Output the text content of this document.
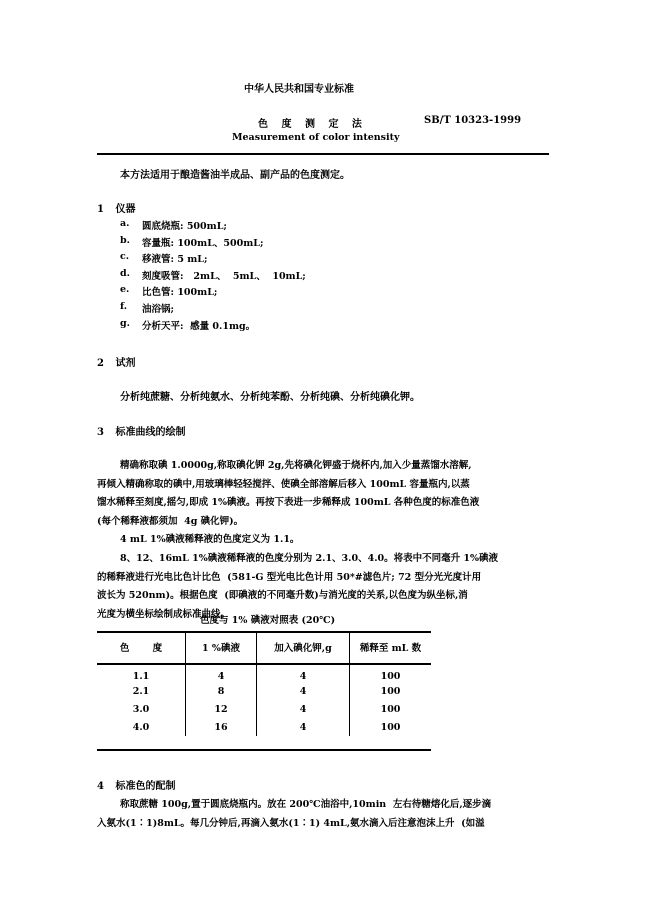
中华人民共和国专业标准
色 度 测 定 法	SB/T 10323-1999
Measurement of color intensity
本方法适用于酿造酱油半成品、副产品的色度测定。
1 仪器
a. 圆底烧瓶: 500mL;
b. 容量瓶: 100mL、500mL;
c. 移液管: 5 mL;
d. 刻度吸管:   2mL、  5mL、  10mL;
e. 比色管: 100mL;
f. 油浴锅;
g. 分析天平:  感量 0.1mg。
2 试剂
分析纯蔗糖、分析纯氨水、分析纯苯酚、分析纯碘、分析纯碘化钾。
3 标准曲线的绘制
精确称取碘 1.0000g,称取碘化钾 2g,先将碘化钾盛于烧杯内,加入少量蒸馏水溶解,
再倾入精确称取的碘中,用玻璃棒轻轻搅拌、使碘全部溶解后移入 100mL 容量瓶内,以蒸
馏水稀释至刻度,摇匀,即成 1%碘液。再按下表进一步稀释成 100mL 各种色度的标准色液
(每个稀释液都须加  4g 碘化钾)。
4 mL 1%碘液稀释液的色度定义为 1.1。
8、12、16mL 1%碘液稀释液的色度分别为 2.1、3.0、4.0。将表中不同毫升 1%碘液
的稀释液进行光电比色计比色  (581-G 型光电比色计用 50*#滤色片; 72 型分光光度计用
波长为 520nm)。根据色度  (即碘液的不同毫升数)与消光度的关系,以色度为纵坐标,消
光度为横坐标绘制成标准曲线。
色度与 1% 碘液对照表 (20℃)
色       度	1 %碘液	加入碘化钾,g	稀释至 mL 数
1.1	4	4	100
2.1	8	4	100
3.0	12	4	100
4.0	16	4	100
4 标准色的配制
称取蔗糖 100g,置于圆底烧瓶内。放在 200℃油浴中,10min  左右待糖熔化后,逐步滴
入氨水(1∶1)8mL。每几分钟后,再滴入氨水(1∶1) 4mL,氨水滴入后注意泡沫上升  (如溢
